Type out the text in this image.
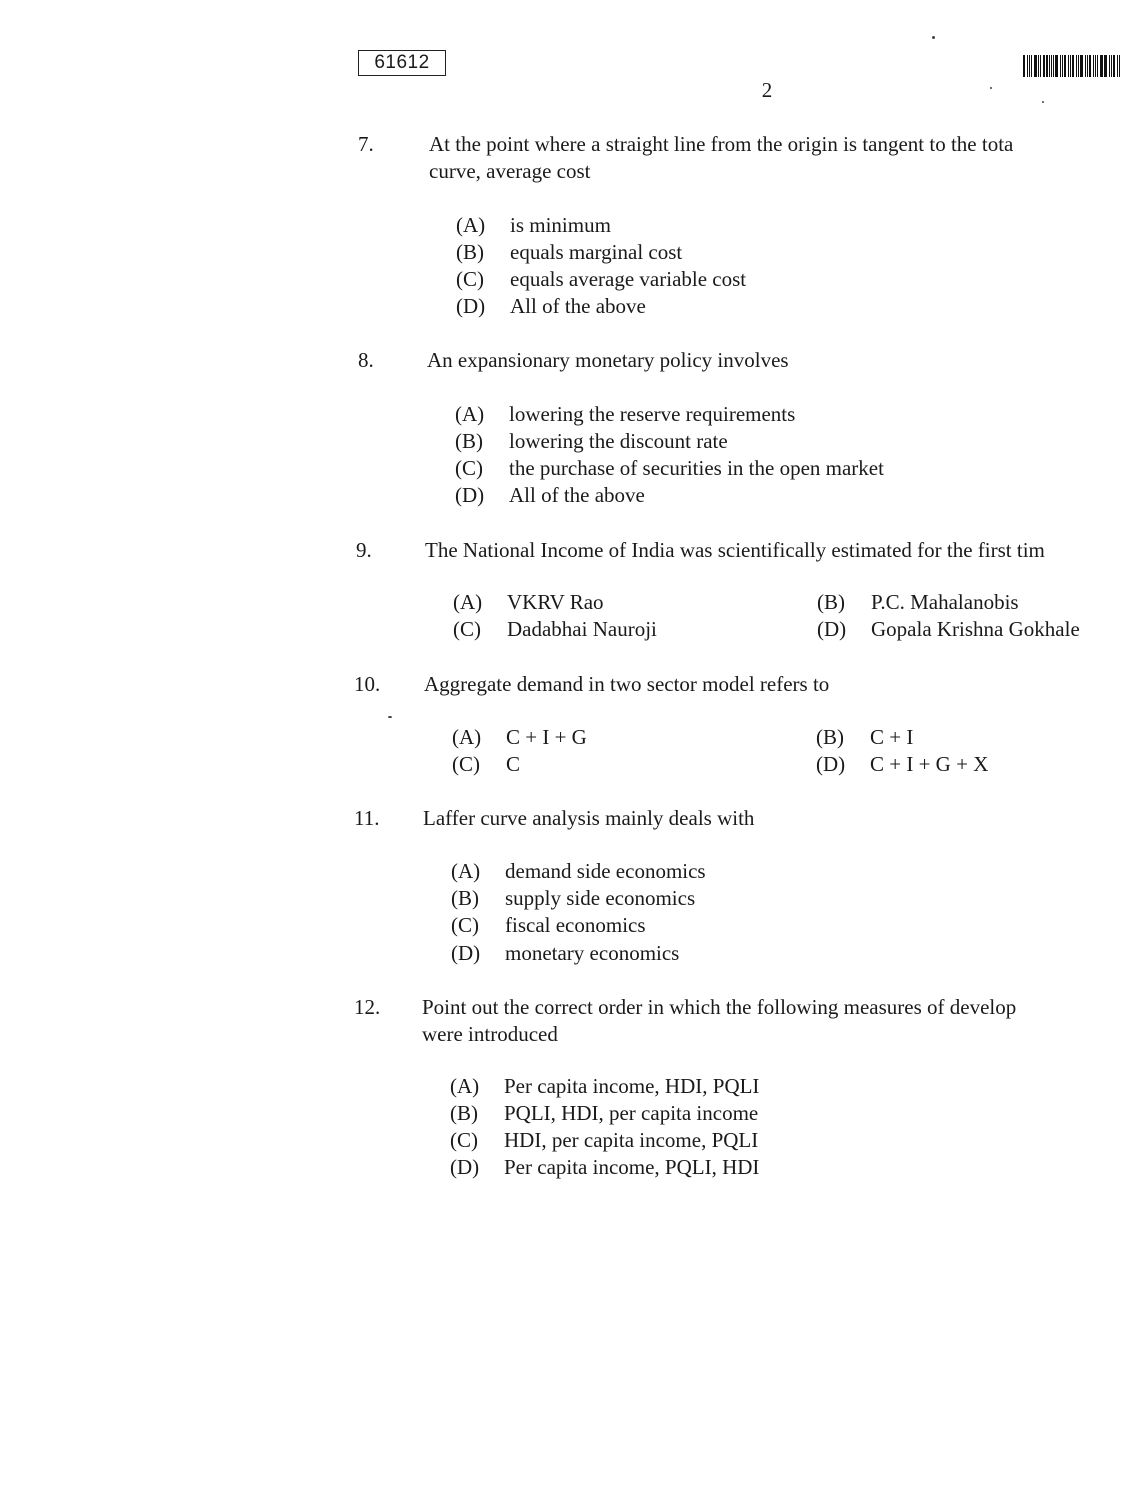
61612
2
7.	At the point where a straight line from the origin is tangent to the tota
curve, average cost
(A) is minimum
(B) equals marginal cost
(C) equals average variable cost
(D) All of the above
8.	An expansionary monetary policy involves
(A) lowering the reserve requirements
(B) lowering the discount rate
(C) the purchase of securities in the open market
(D) All of the above
9.	The National Income of India was scientifically estimated for the first tim
(A) VKRV Rao	(B) P.C. Mahalanobis
(C) Dadabhai Nauroji	(D) Gopala Krishna Gokhale
10. Aggregate demand in two sector model refers to
(A) C + I + G	(B) C + I
(C) C	(D) C + I + G + X
11. Laffer curve analysis mainly deals with
(A) demand side economics
(B) supply side economics
(C) fiscal economics
(D) monetary economics
12. Point out the correct order in which the following measures of develop
were introduced
(A) Per capita income, HDI, PQLI
(B) PQLI, HDI, per capita income
(C) HDI, per capita income, PQLI
(D) Per capita income, PQLI, HDI
